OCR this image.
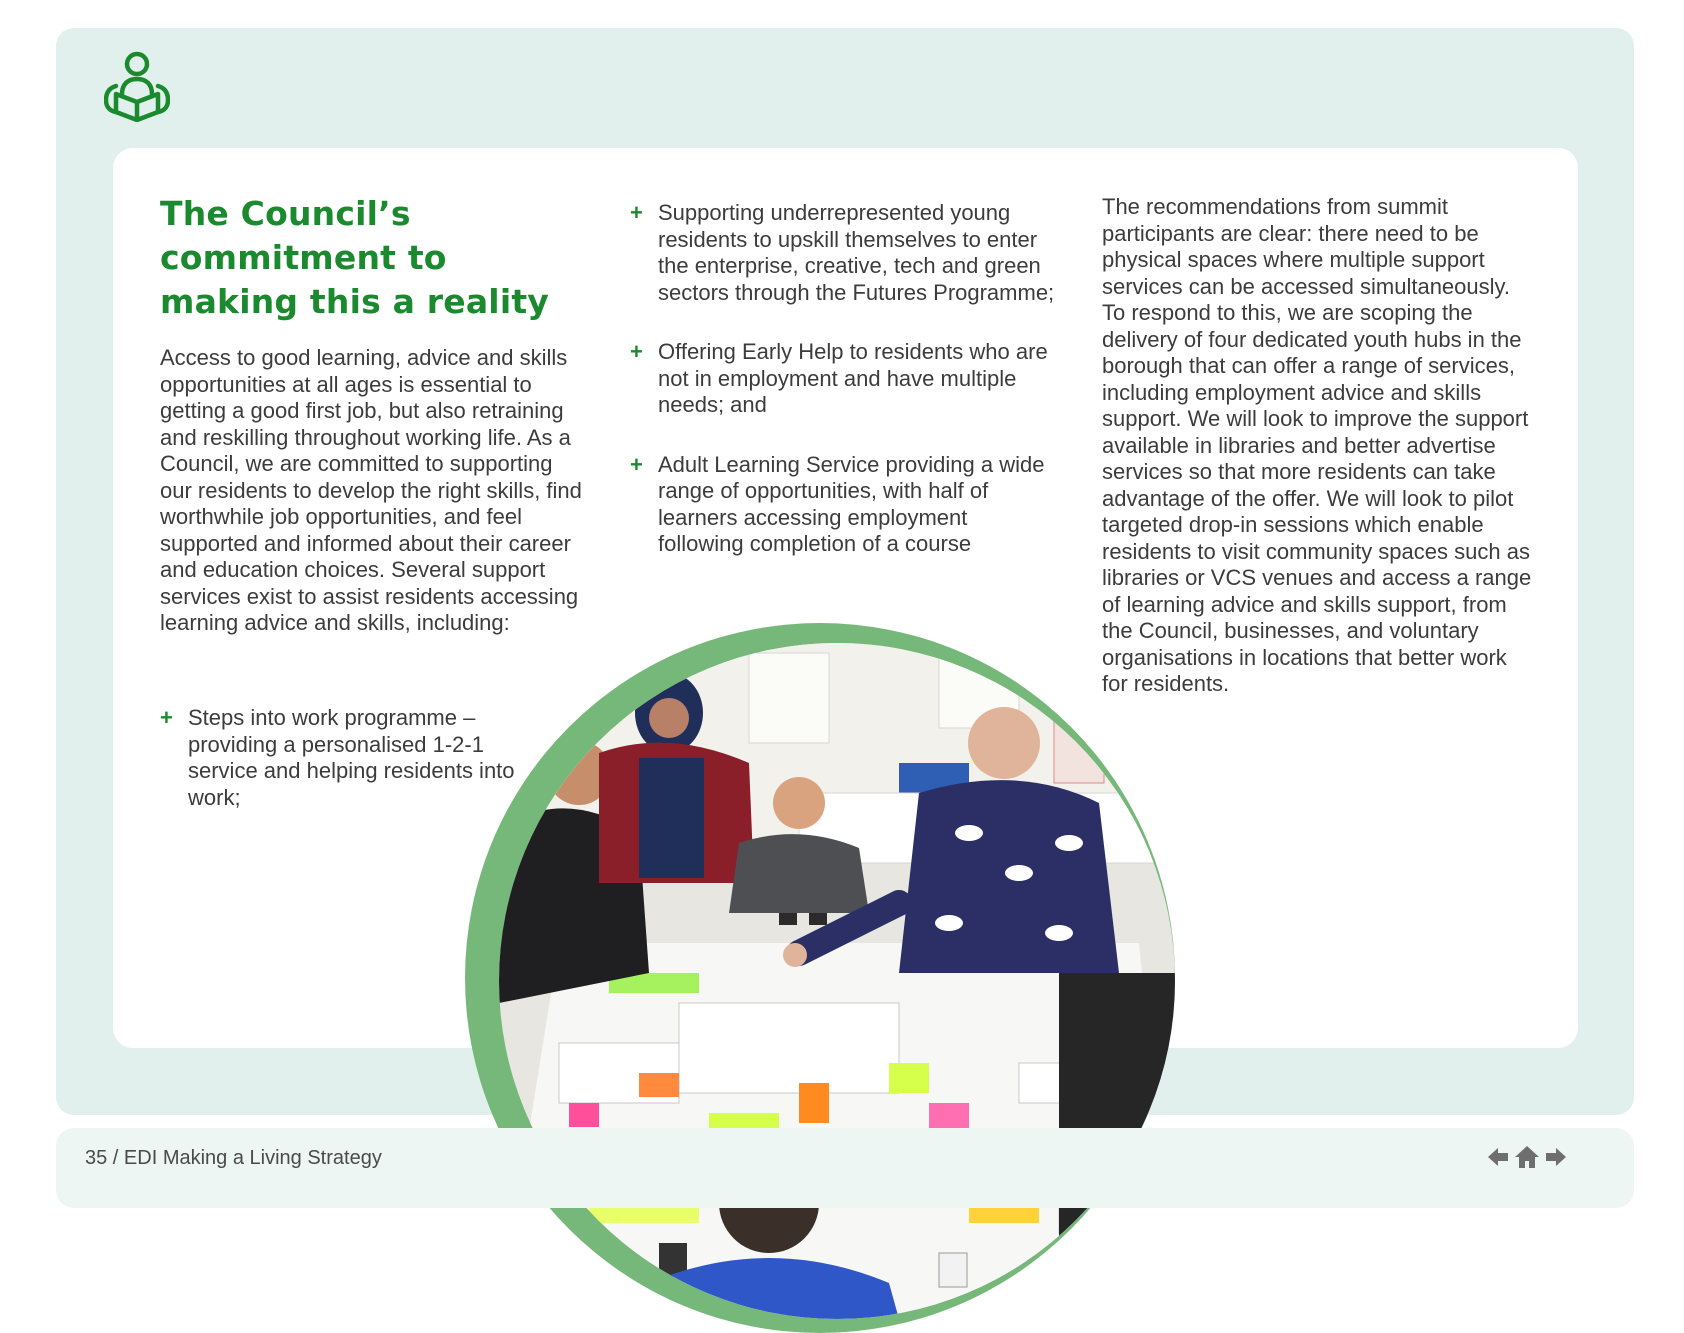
The Council’s commitment to making this a reality

Access to good learning, advice and skills opportunities at all ages is essential to getting a good first job, but also retraining and reskilling throughout working life. As a Council, we are committed to supporting our residents to develop the right skills, find worthwhile job opportunities, and feel supported and informed about their career and education choices. Several support services exist to assist residents accessing learning advice and skills, including:

+ Steps into work programme – providing a personalised 1-2-1 service and helping residents into work;
+ Supporting underrepresented young residents to upskill themselves to enter the enterprise, creative, tech and green sectors through the Futures Programme;
+ Offering Early Help to residents who are not in employment and have multiple needs; and
+ Adult Learning Service providing a wide range of opportunities, with half of learners accessing employment following completion of a course

The recommendations from summit participants are clear: there need to be physical spaces where multiple support services can be accessed simultaneously. To respond to this, we are scoping the delivery of four dedicated youth hubs in the borough that can offer a range of services, including employment advice and skills support. We will look to improve the support available in libraries and better advertise services so that more residents can take advantage of the offer. We will look to pilot targeted drop-in sessions which enable residents to visit community spaces such as libraries or VCS venues and access a range of learning advice and skills support, from the Council, businesses, and voluntary organisations in locations that better work for residents.

35 / EDI Making a Living Strategy
